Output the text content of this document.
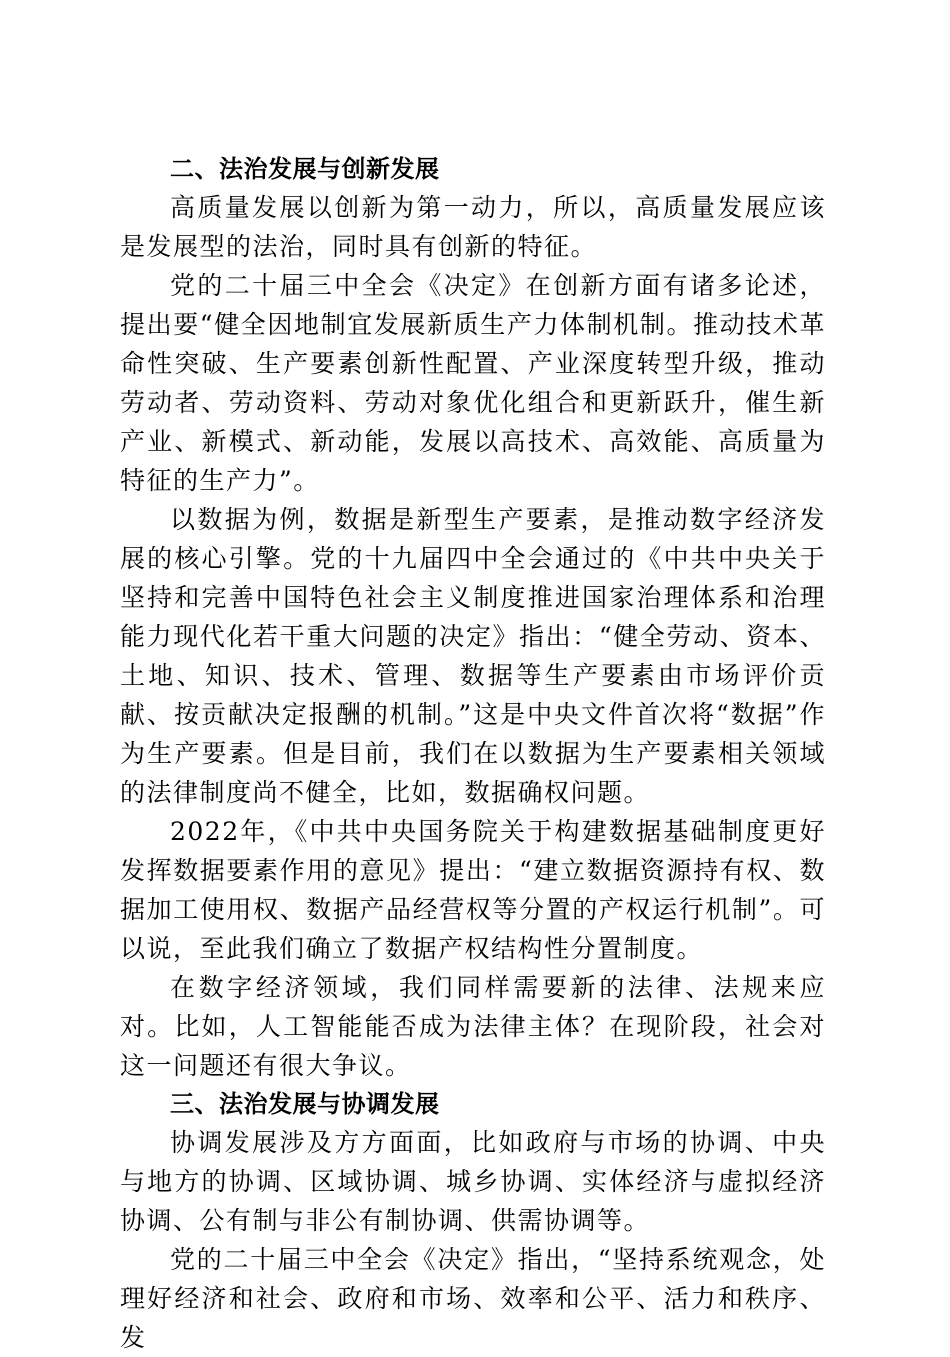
二、法治发展与创新发展

高质量发展以创新为第一动力，所以，高质量发展应该是发展型的法治，同时具有创新的特征。

党的二十届三中全会《决定》在创新方面有诸多论述，提出要“健全因地制宜发展新质生产力体制机制。推动技术革命性突破、生产要素创新性配置、产业深度转型升级，推动劳动者、劳动资料、劳动对象优化组合和更新跃升，催生新产业、新模式、新动能，发展以高技术、高效能、高质量为特征的生产力”。

以数据为例，数据是新型生产要素，是推动数字经济发展的核心引擎。党的十九届四中全会通过的《中共中央关于坚持和完善中国特色社会主义制度推进国家治理体系和治理能力现代化若干重大问题的决定》指出：“健全劳动、资本、土地、知识、技术、管理、数据等生产要素由市场评价贡献、按贡献决定报酬的机制。”这是中央文件首次将“数据”作为生产要素。但是目前，我们在以数据为生产要素相关领域的法律制度尚不健全，比如，数据确权问题。

2022年，《中共中央国务院关于构建数据基础制度更好发挥数据要素作用的意见》提出：“建立数据资源持有权、数据加工使用权、数据产品经营权等分置的产权运行机制”。可以说，至此我们确立了数据产权结构性分置制度。

在数字经济领域，我们同样需要新的法律、法规来应对。比如，人工智能能否成为法律主体？在现阶段，社会对这一问题还有很大争议。

三、法治发展与协调发展

协调发展涉及方方面面，比如政府与市场的协调、中央与地方的协调、区域协调、城乡协调、实体经济与虚拟经济协调、公有制与非公有制协调、供需协调等。

党的二十届三中全会《决定》指出，“坚持系统观念，处理好经济和社会、政府和市场、效率和公平、活力和秩序、发
